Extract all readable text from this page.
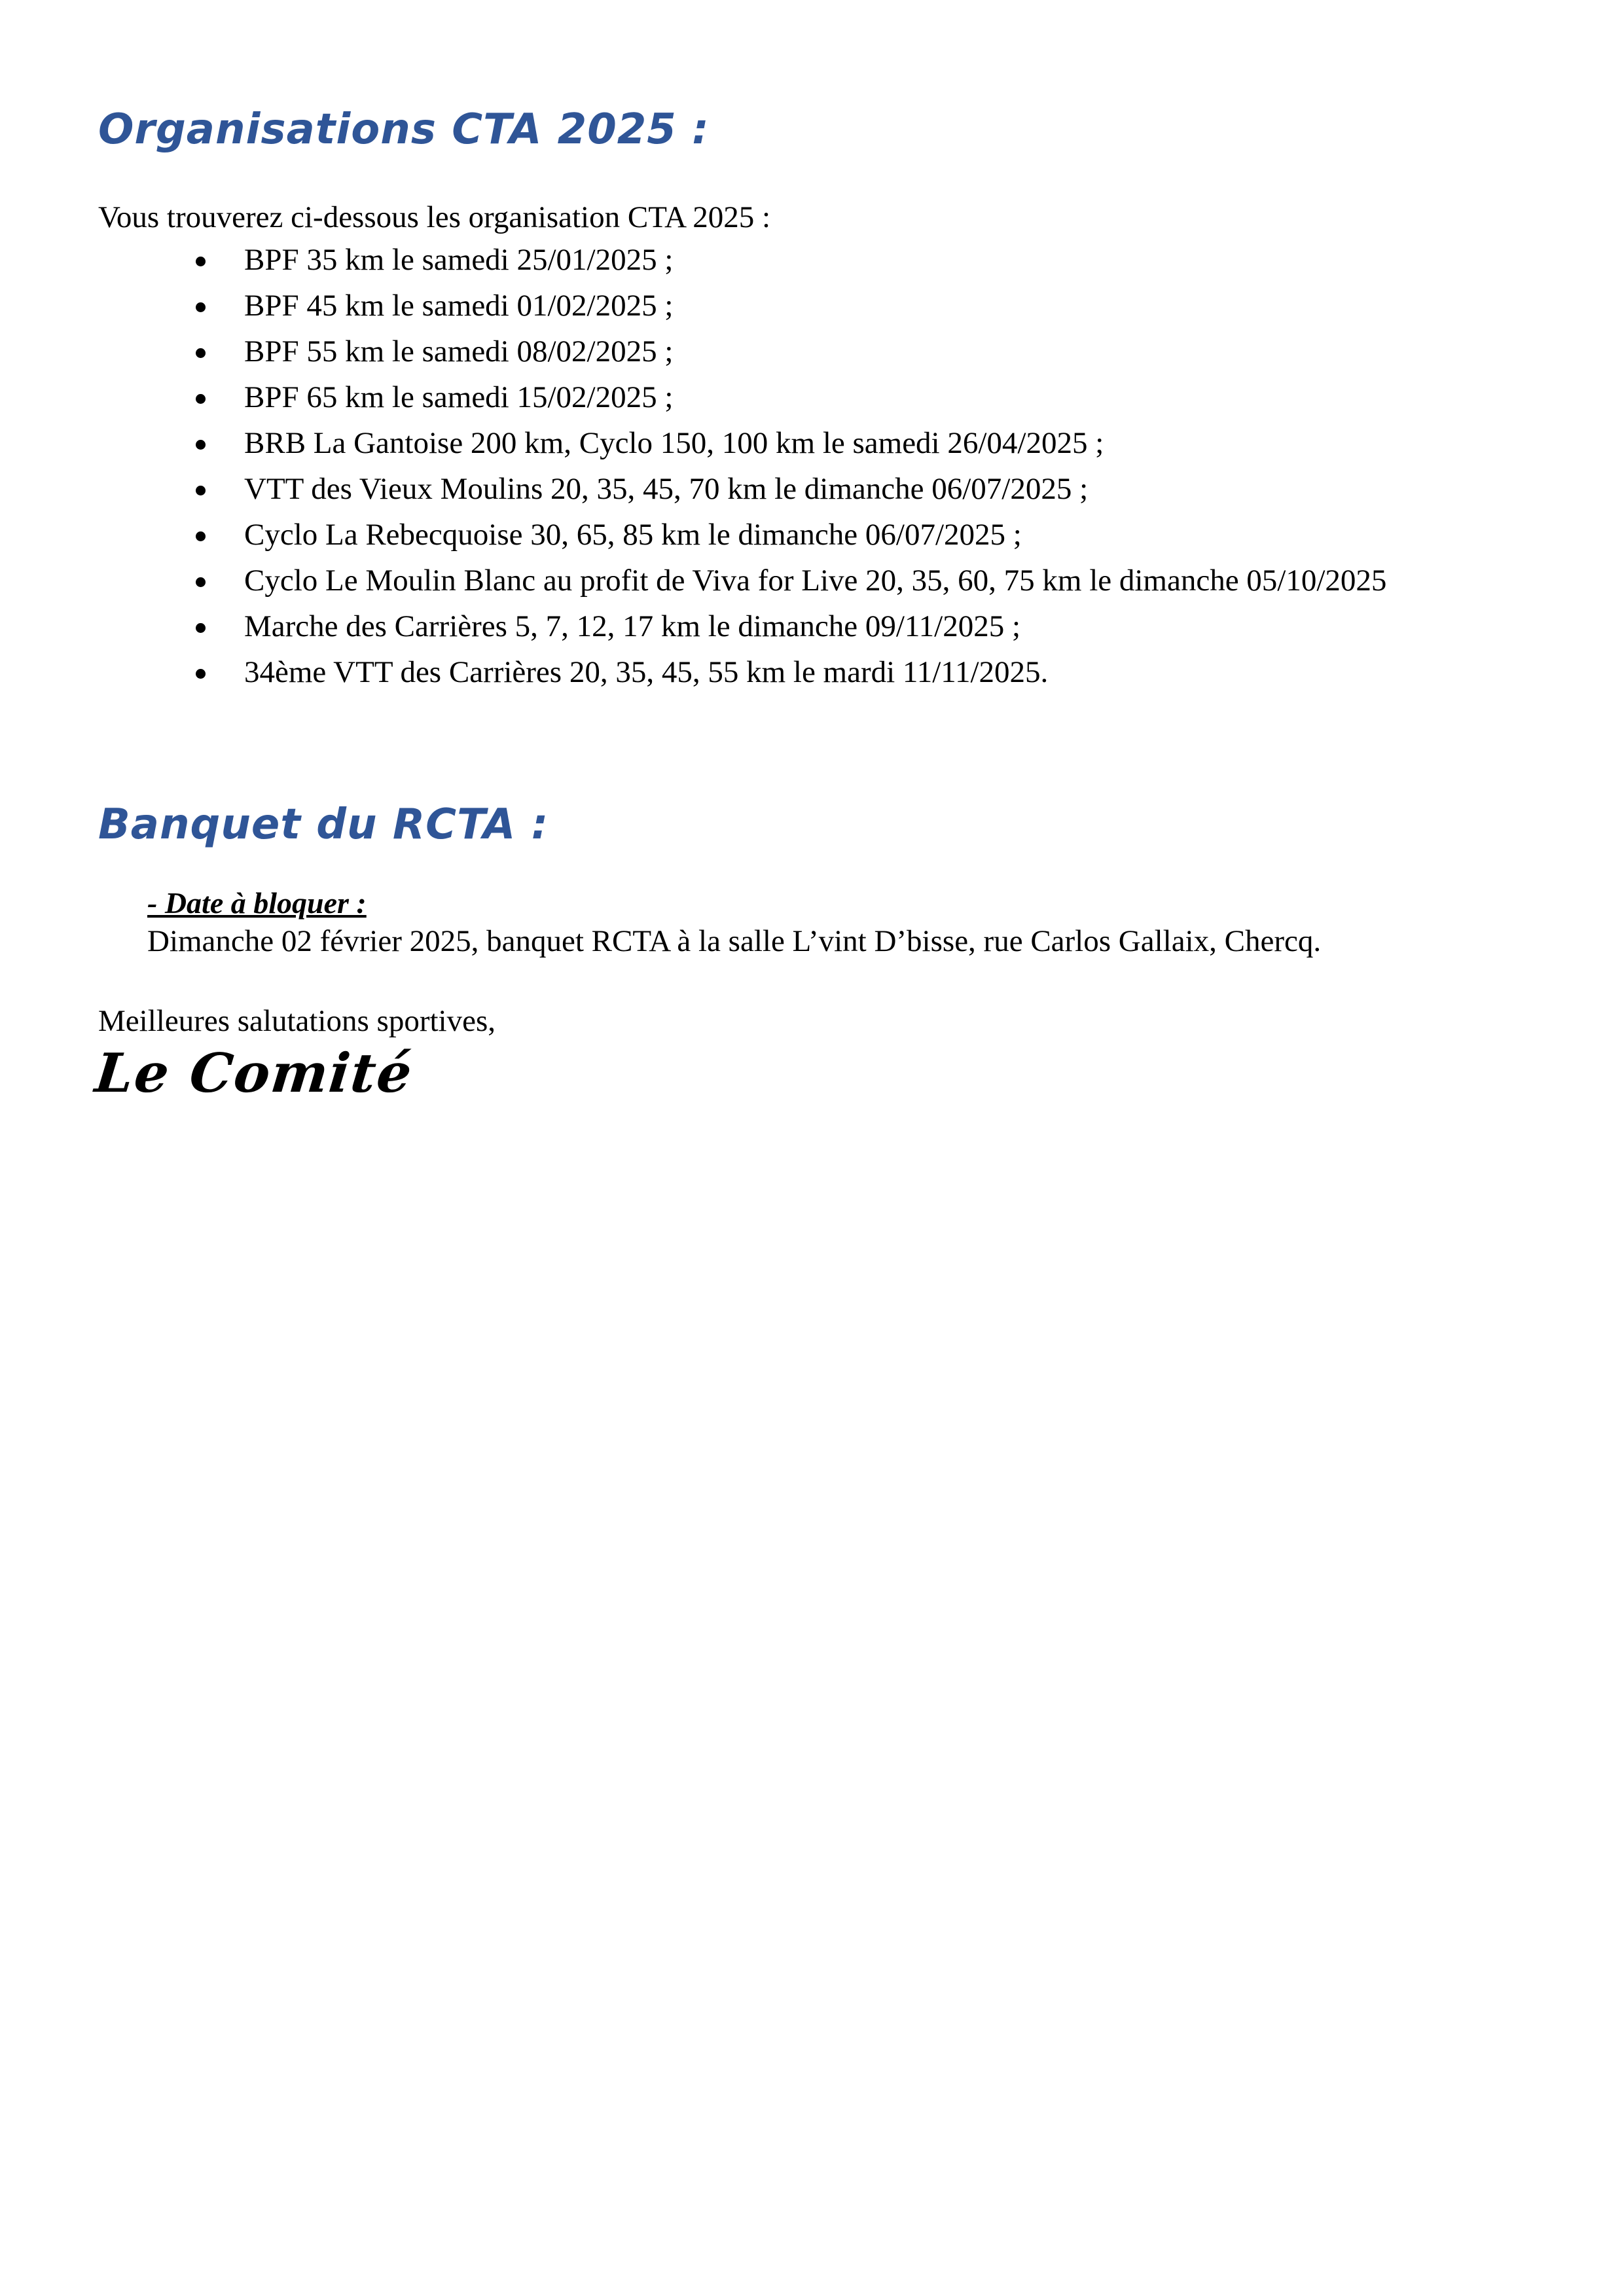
Organisations CTA 2025 :
Vous trouverez ci-dessous les organisation CTA 2025 :
BPF 35 km le samedi 25/01/2025 ;
BPF 45 km le samedi 01/02/2025 ;
BPF 55 km le samedi 08/02/2025 ;
BPF 65 km le samedi 15/02/2025 ;
BRB La Gantoise 200 km, Cyclo 150, 100 km le samedi 26/04/2025 ;
VTT des Vieux Moulins 20, 35, 45, 70 km le dimanche 06/07/2025 ;
Cyclo La Rebecquoise 30, 65, 85 km le dimanche 06/07/2025 ;
Cyclo Le Moulin Blanc au profit de Viva for Live 20, 35, 60, 75 km le dimanche 05/10/2025
Marche des Carrières 5, 7, 12, 17 km le dimanche 09/11/2025 ;
34ème VTT des Carrières 20, 35, 45, 55 km le mardi 11/11/2025.
Banquet du RCTA :
- Date à bloquer :
Dimanche 02 février 2025, banquet RCTA à la salle L’vint D’bisse, rue Carlos Gallaix, Chercq.
Meilleures salutations sportives,
Le Comité
